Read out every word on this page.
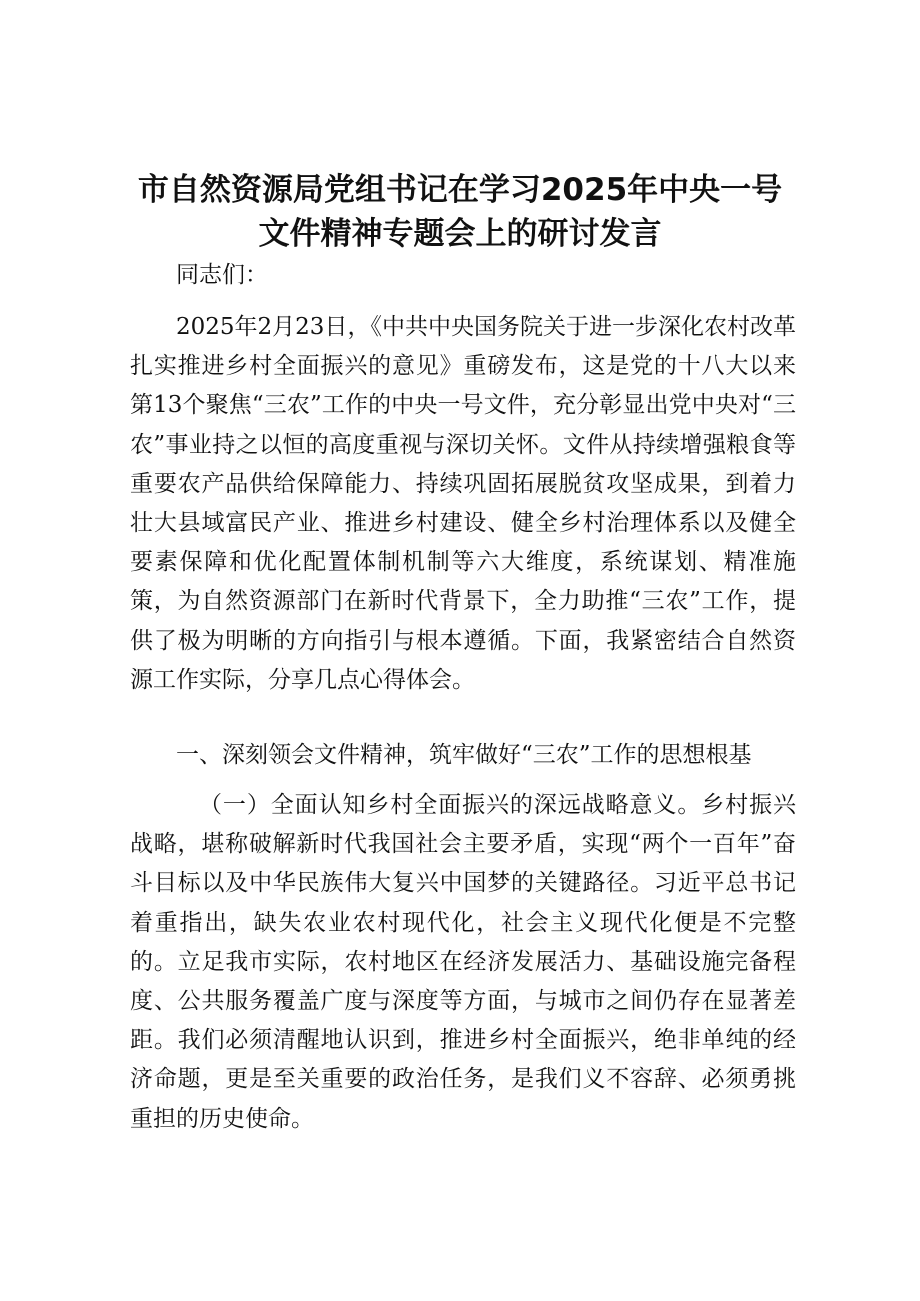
市自然资源局党组书记在学习2025年中央一号
文件精神专题会上的研讨发言

同志们：

2025年2月23日，《中共中央国务院关于进一步深化农村改革扎实推进乡村全面振兴的意见》重磅发布，这是党的十八大以来第13个聚焦“三农”工作的中央一号文件，充分彰显出党中央对“三农”事业持之以恒的高度重视与深切关怀。文件从持续增强粮食等重要农产品供给保障能力、持续巩固拓展脱贫攻坚成果，到着力壮大县域富民产业、推进乡村建设、健全乡村治理体系以及健全要素保障和优化配置体制机制等六大维度，系统谋划、精准施策，为自然资源部门在新时代背景下，全力助推“三农”工作，提供了极为明晰的方向指引与根本遵循。下面，我紧密结合自然资源工作实际，分享几点心得体会。

一、深刻领会文件精神，筑牢做好“三农”工作的思想根基

（一）全面认知乡村全面振兴的深远战略意义。乡村振兴战略，堪称破解新时代我国社会主要矛盾，实现“两个一百年”奋斗目标以及中华民族伟大复兴中国梦的关键路径。习近平总书记着重指出，缺失农业农村现代化，社会主义现代化便是不完整的。立足我市实际，农村地区在经济发展活力、基础设施完备程度、公共服务覆盖广度与深度等方面，与城市之间仍存在显著差距。我们必须清醒地认识到，推进乡村全面振兴，绝非单纯的经济命题，更是至关重要的政治任务，是我们义不容辞、必须勇挑重担的历史使命。
